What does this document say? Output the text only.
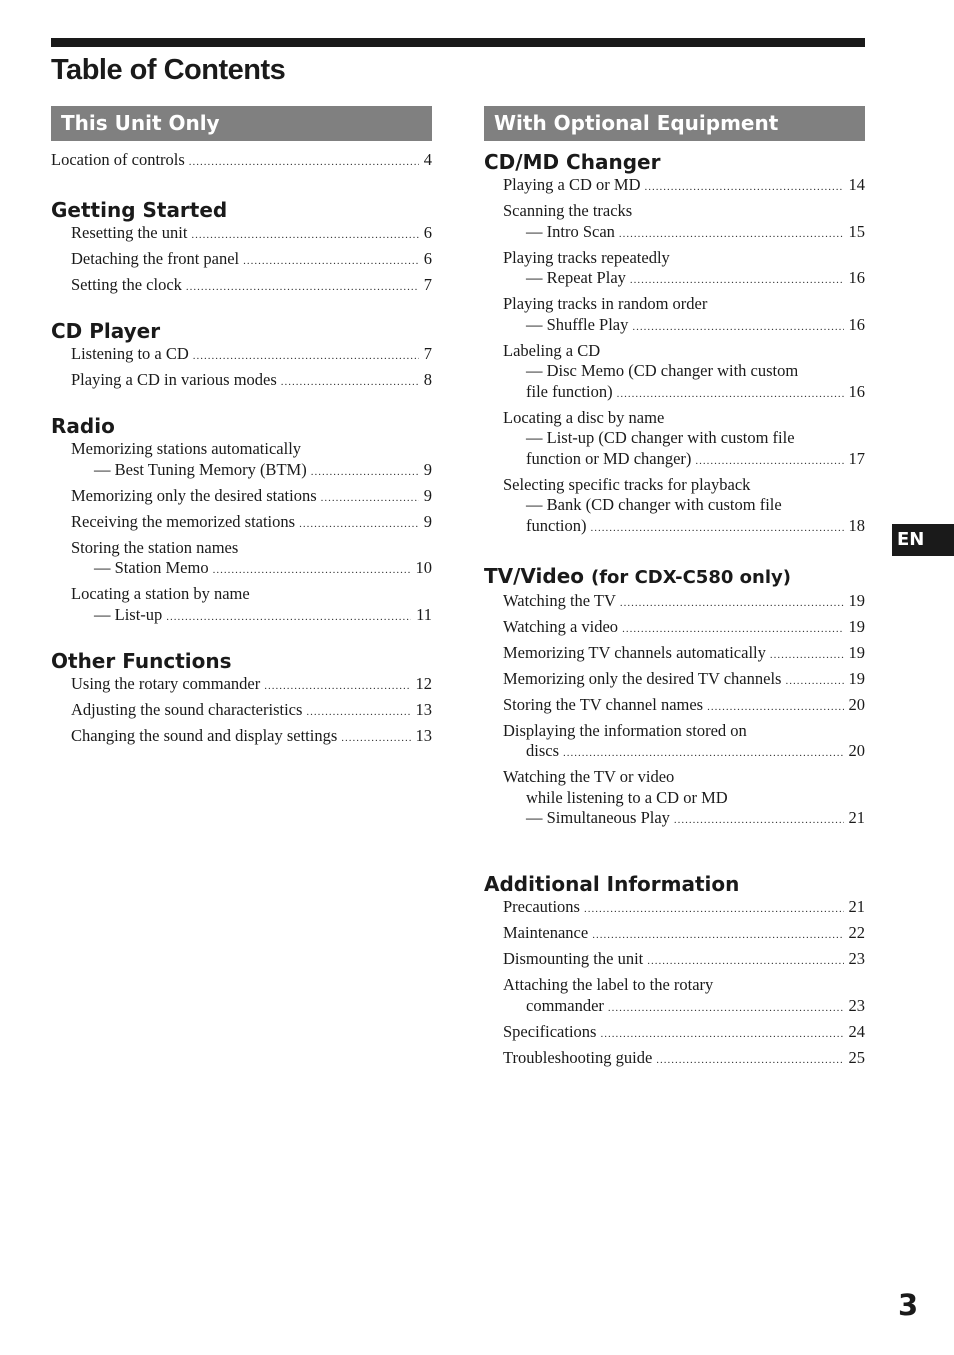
Table of Contents
This Unit Only
Location of controls .....	4
Getting Started
Resetting the unit .....	6
Detaching the front panel .....	6
Setting the clock .....	7
CD Player
Listening to a CD .....	7
Playing a CD in various modes .....	8
Radio
Memorizing stations automatically
— Best Tuning Memory (BTM) .....	9
Memorizing only the desired stations .....	9
Receiving the memorized stations .....	9
Storing the station names
— Station Memo .....	10
Locating a station by name
— List-up .....	11
Other Functions
Using the rotary commander .....	12
Adjusting the sound characteristics .....	13
Changing the sound and display settings .....	13
With Optional Equipment
CD/MD Changer
Playing a CD or MD .....	14
Scanning the tracks
— Intro Scan .....	15
Playing tracks repeatedly
— Repeat Play .....	16
Playing tracks in random order
— Shuffle Play .....	16
Labeling a CD
— Disc Memo (CD changer with custom
file function) .....	16
Locating a disc by name
— List-up (CD changer with custom file
function or MD changer) .....	17
Selecting specific tracks for playback
— Bank (CD changer with custom file
function) .....	18
TV/Video (for CDX-C580 only)
Watching the TV .....	19
Watching a video .....	19
Memorizing TV channels automatically .....	19
Memorizing only the desired TV channels .....	19
Storing the TV channel names .....	20
Displaying the information stored on
discs .....	20
Watching the TV or video
while listening to a CD or MD
— Simultaneous Play .....	21
Additional Information
Precautions .....	21
Maintenance .....	22
Dismounting the unit .....	23
Attaching the label to the rotary
commander .....	23
Specifications .....	24
Troubleshooting guide .....	25
EN

3
